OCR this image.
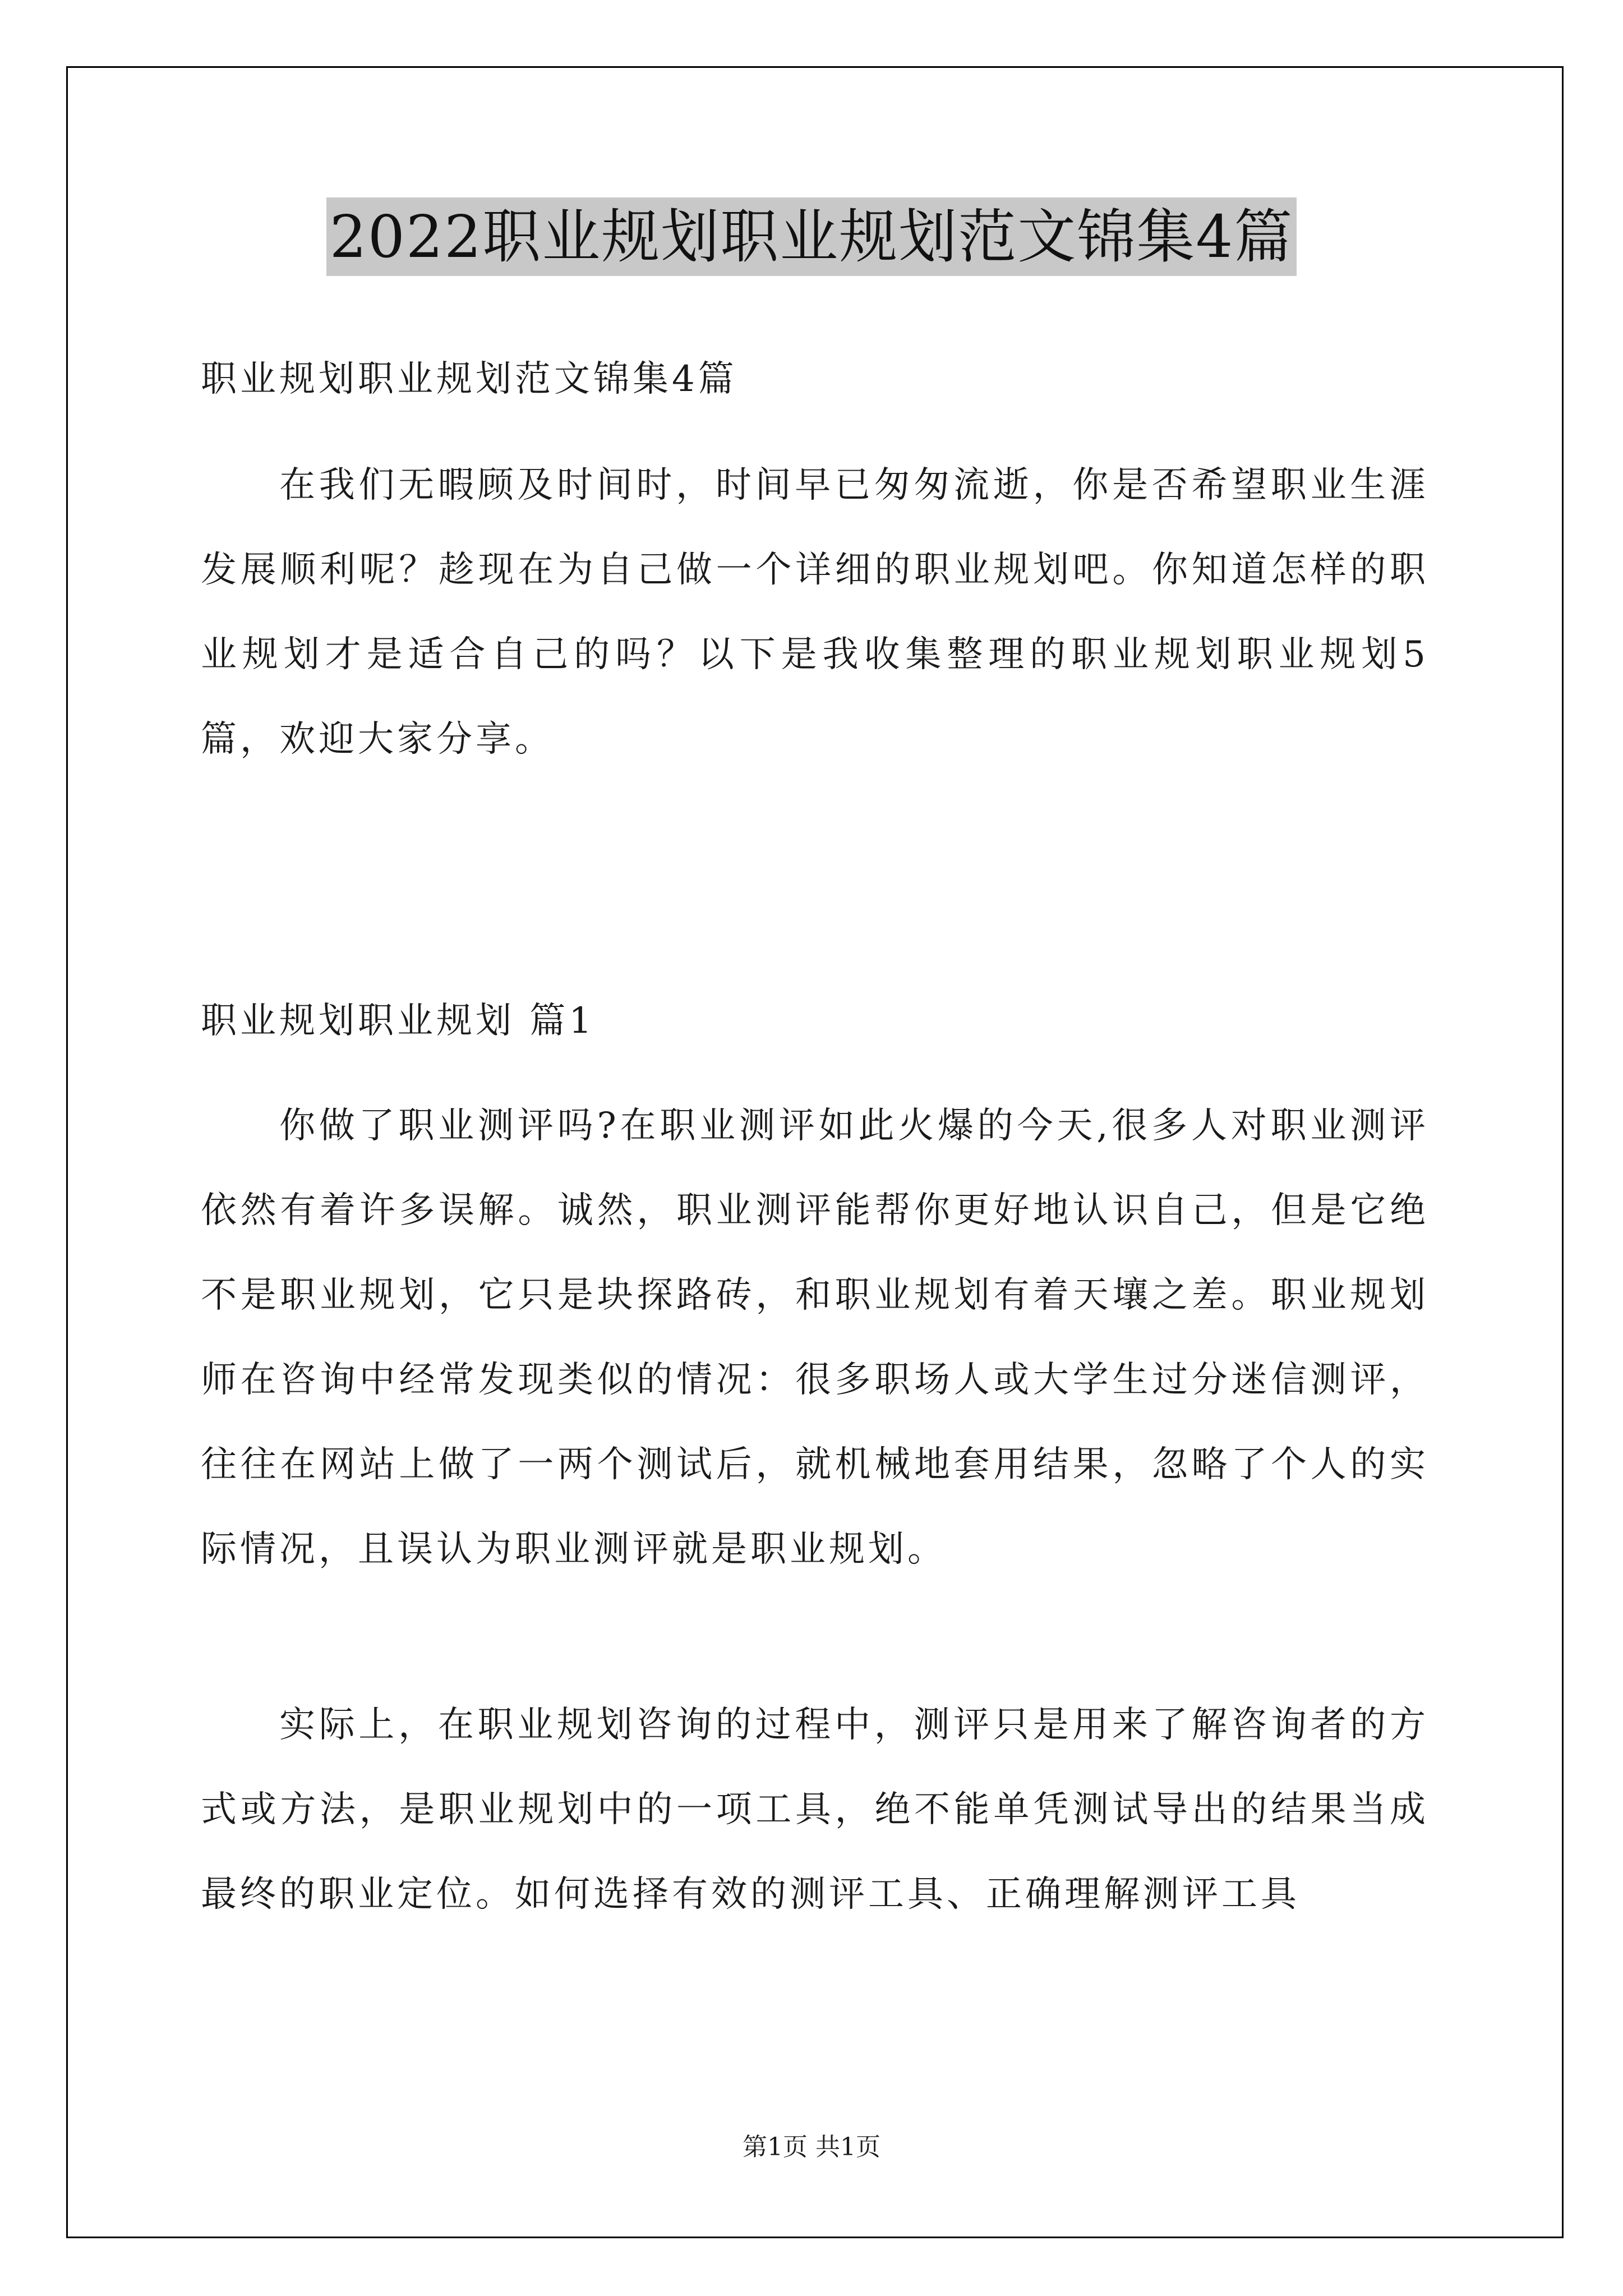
2022职业规划职业规划范文锦集4篇

职业规划职业规划范文锦集4篇

在我们无暇顾及时间时，时间早已匆匆流逝，你是否希望职业生涯发展顺利呢？趁现在为自己做一个详细的职业规划吧。你知道怎样的职业规划才是适合自己的吗？以下是我收集整理的职业规划职业规划5篇，欢迎大家分享。

职业规划职业规划 篇1

你做了职业测评吗?在职业测评如此火爆的今天,很多人对职业测评依然有着许多误解。诚然，职业测评能帮你更好地认识自己，但是它绝不是职业规划，它只是块探路砖，和职业规划有着天壤之差。职业规划师在咨询中经常发现类似的情况：很多职场人或大学生过分迷信测评，往往在网站上做了一两个测试后，就机械地套用结果，忽略了个人的实际情况，且误认为职业测评就是职业规划。

实际上，在职业规划咨询的过程中，测评只是用来了解咨询者的方式或方法，是职业规划中的一项工具，绝不能单凭测试导出的结果当成最终的职业定位。如何选择有效的测评工具、正确理解测评工具

第1页 共1页
